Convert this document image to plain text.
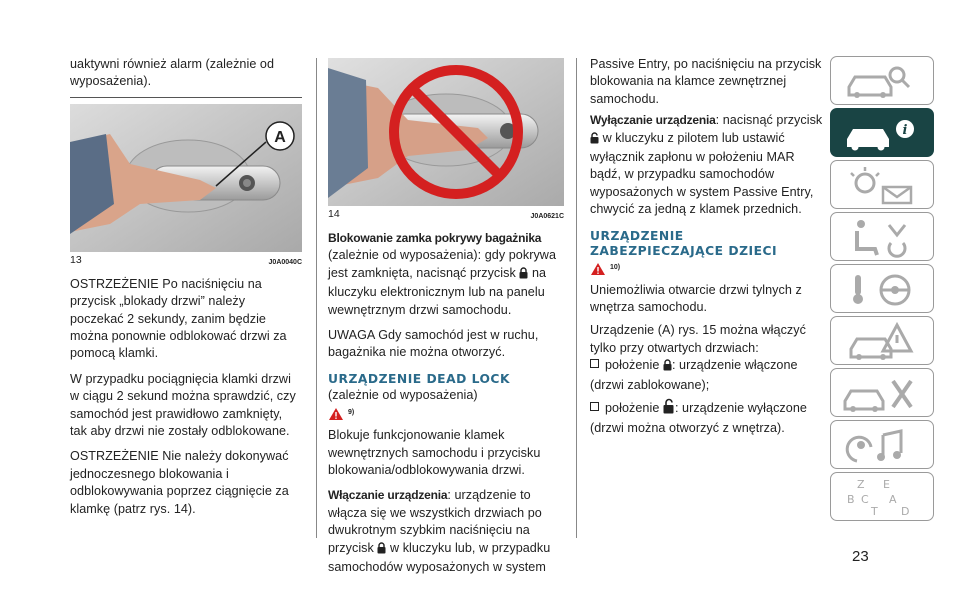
uaktywni również alarm (zależnie od wyposażenia).

A
13	J0A0040C

OSTRZEŻENIE Po naciśnięciu na przycisk „blokady drzwi” należy poczekać 2 sekundy, zanim będzie można ponownie odblokować drzwi za pomocą klamki.

W przypadku pociągnięcia klamki drzwi w ciągu 2 sekund można sprawdzić, czy samochód jest prawidłowo zamknięty, tak aby drzwi nie zostały odblokowane.

OSTRZEŻENIE Nie należy dokonywać jednoczesnego blokowania i odblokowywania poprzez ciągnięcie za klamkę (patrz rys. 14).

14	J0A0621C

Blokowanie zamka pokrywy bagażnika (zależnie od wyposażenia): gdy pokrywa jest zamknięta, nacisnąć przycisk na kluczyku elektronicznym lub na panelu wewnętrznym drzwi samochodu.

UWAGA Gdy samochód jest w ruchu, bagażnika nie można otworzyć.

URZĄDZENIE DEAD LOCK

(zależnie od wyposażenia)

9)

Blokuje funkcjonowanie klamek wewnętrznych samochodu i przycisku blokowania/odblokowywania drzwi.

Włączanie urządzenia: urządzenie to włącza się we wszystkich drzwiach po dwukrotnym szybkim naciśnięciu na przycisk w kluczyku lub, w przypadku samochodów wyposażonych w system

Passive Entry, po naciśnięciu na przycisk blokowania na klamce zewnętrznej samochodu.

Wyłączanie urządzenia: nacisnąć przycisk  w kluczyku z pilotem lub ustawić wyłącznik zapłonu w położeniu MAR bądź, w przypadku samochodów wyposażonych w system Passive Entry, chwycić za jedną z klamek przednich.

URZĄDZENIE
ZABEZPIECZAJĄCE DZIECI
10)

Uniemożliwia otwarcie drzwi tylnych z wnętrza samochodu.

Urządzenie (A) rys. 15 można włączyć tylko przy otwartych drzwiach:

położenie : urządzenie włączone (drzwi zablokowane);

położenie : urządzenie wyłączone (drzwi można otworzyć z wnętrza).

i
Z
B C
T
E
A
D
23
